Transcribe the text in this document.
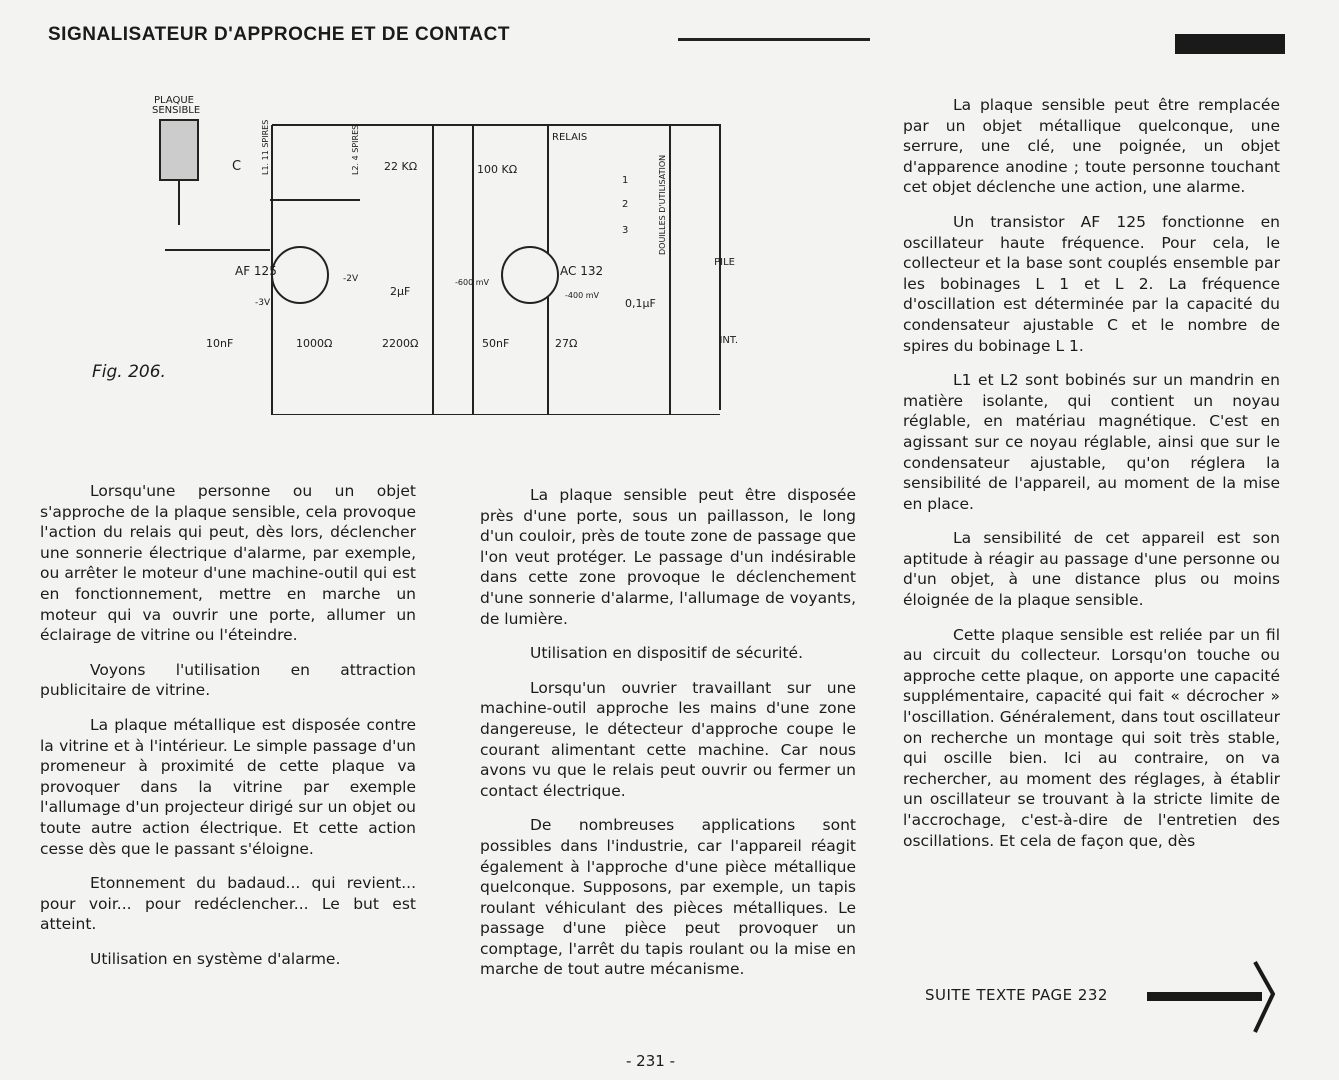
SIGNALISATEUR D'APPROCHE ET DE CONTACT
PLAQUE
SENSIBLE
C L1. 11 SPIRES	L2. 4 SPIRES
AF 125
-2V
-3V
22 KΩ	100 KΩ
RELAIS
AC 132
2µF
-600 mV
-400 mV
0,1µF
DOUILLES D'UTILISATION
1
2
3
PILE
INT.
10nF	1000Ω	2200Ω	50nF	27Ω
Fig. 206.

Lorsqu'une personne ou un objet s'approche de la plaque sensible, cela provoque l'action du relais qui peut, dès lors, déclencher une sonnerie électrique d'alarme, par exemple, ou arrêter le moteur d'une machine-outil qui est en fonctionnement, mettre en marche un moteur qui va ouvrir une porte, allumer un éclairage de vitrine ou l'éteindre.

Voyons l'utilisation en attraction publicitaire de vitrine.

La plaque métallique est disposée contre la vitrine et à l'intérieur. Le simple passage d'un promeneur à proximité de cette plaque va provoquer dans la vitrine par exemple l'allumage d'un projecteur dirigé sur un objet ou toute autre action électrique. Et cette action cesse dès que le passant s'éloigne.

Etonnement du badaud... qui revient... pour voir... pour redéclencher... Le but est atteint.

Utilisation en système d'alarme.

La plaque sensible peut être disposée près d'une porte, sous un paillasson, le long d'un couloir, près de toute zone de passage que l'on veut protéger. Le passage d'un indésirable dans cette zone provoque le déclenchement d'une sonnerie d'alarme, l'allumage de voyants, de lumière.

Utilisation en dispositif de sécurité.

Lorsqu'un ouvrier travaillant sur une machine-outil approche les mains d'une zone dangereuse, le détecteur d'approche coupe le courant alimentant cette machine. Car nous avons vu que le relais peut ouvrir ou fermer un contact électrique.

De nombreuses applications sont possibles dans l'industrie, car l'appareil réagit également à l'approche d'une pièce métallique quelconque. Supposons, par exemple, un tapis roulant véhiculant des pièces métalliques. Le passage d'une pièce peut provoquer un comptage, l'arrêt du tapis roulant ou la mise en marche de tout autre mécanisme.

La plaque sensible peut être remplacée par un objet métallique quelconque, une serrure, une clé, une poignée, un objet d'apparence anodine ; toute personne touchant cet objet déclenche une action, une alarme.

Un transistor AF 125 fonctionne en oscillateur haute fréquence. Pour cela, le collecteur et la base sont couplés ensemble par les bobinages L 1 et L 2. La fréquence d'oscillation est déterminée par la capacité du condensateur ajustable C et le nombre de spires du bobinage L 1.

L1 et L2 sont bobinés sur un mandrin en matière isolante, qui contient un noyau réglable, en matériau magnétique. C'est en agissant sur ce noyau réglable, ainsi que sur le condensateur ajustable, qu'on réglera la sensibilité de l'appareil, au moment de la mise en place.

La sensibilité de cet appareil est son aptitude à réagir au passage d'une personne ou d'un objet, à une distance plus ou moins éloignée de la plaque sensible.

Cette plaque sensible est reliée par un fil au circuit du collecteur. Lorsqu'on touche ou approche cette plaque, on apporte une capacité supplémentaire, capacité qui fait « décrocher » l'oscillation. Généralement, dans tout oscillateur on recherche un montage qui soit très stable, qui oscille bien. Ici au contraire, on va rechercher, au moment des réglages, à établir un oscillateur se trouvant à la stricte limite de l'accrochage, c'est-à-dire de l'entretien des oscillations. Et cela de façon que, dès

SUITE TEXTE PAGE 232
- 231 -
